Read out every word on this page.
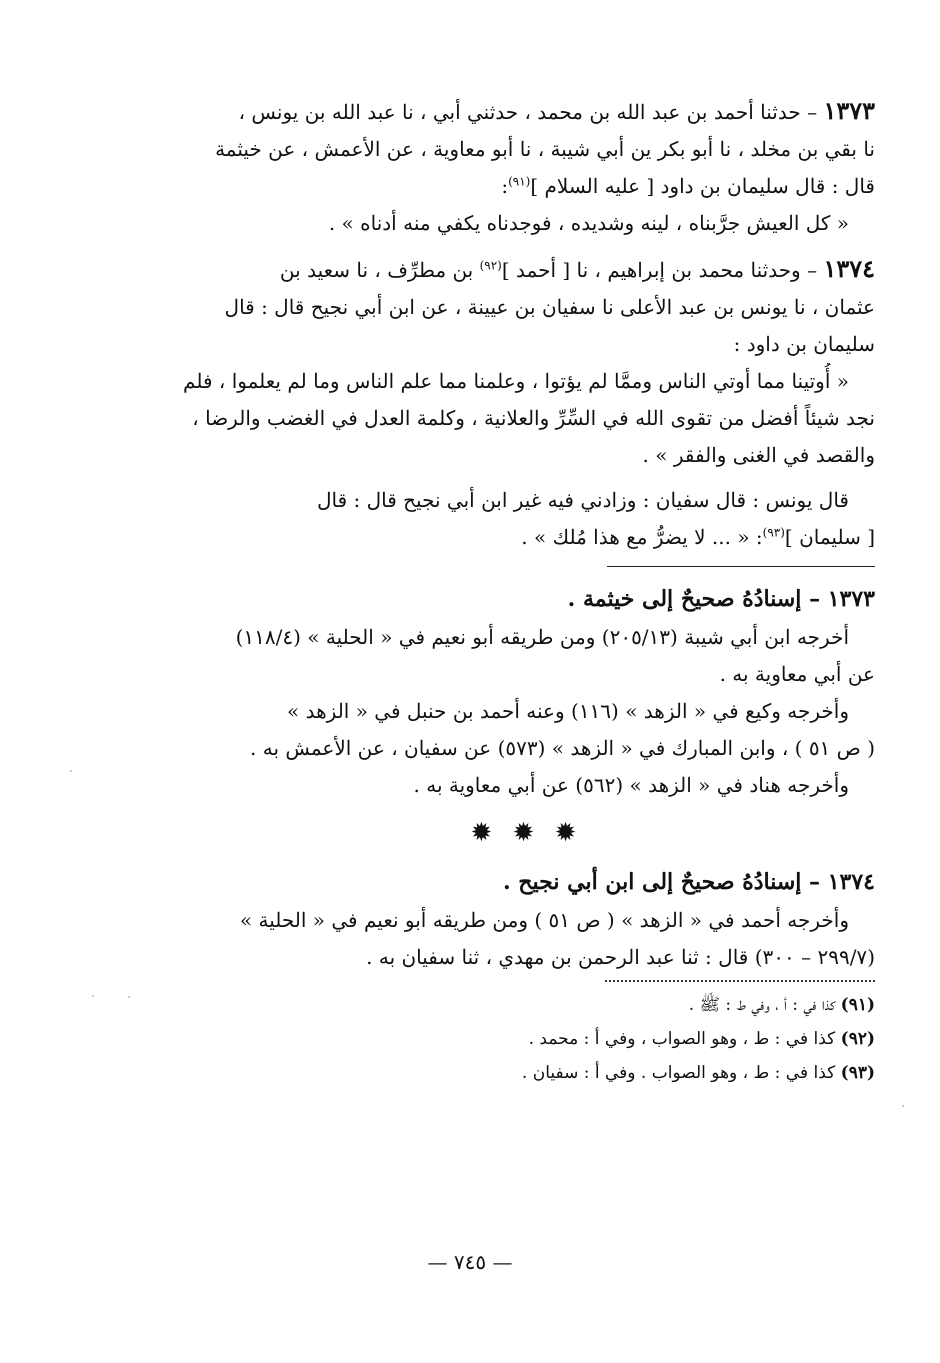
١٣٧٣ – حدثنا أحمد بن عبد الله بن محمد ، حدثني أبي ، نا عبد الله بن يونس ،

نا بقي بن مخلد ، نا أبو بكر ين أبي شيبة ، نا أبو معاوية ، عن الأعمش ، عن خيثمة

قال : قال سليمان بن داود [ عليه السلام ]$^{(٩١)}$:

« كل العيش جرَّبناه ، لينه وشديده ، فوجدناه يكفي منه أدناه » .

١٣٧٤ – وحدثنا محمد بن إبراهيم ، نا [ أحمد ]$^{(٩٢)}$ بن مطرِّف ، نا سعيد بن

عثمان ، نا يونس بن عبد الأعلى نا سفيان بن عيينة ، عن ابن أبي نجيح قال : قال

سليمان بن داود :

« أُوتينا مما أوتي الناس وممَّا لم يؤتوا ، وعلمنا مما علم الناس وما لم يعلموا ، فلم

نجد شيئاً أفضل من تقوى الله في السِّرِّ والعلانية ، وكلمة العدل في الغضب والرضا ،

والقصد في الغنى والفقر » .

قال يونس : قال سفيان : وزادني فيه غير ابن أبي نجيح قال : قال

[ سليمان ]$^{(٩٣)}$: « ... لا يضرُّ مع هذا مُلك » .

١٣٧٣ – إسنادُهُ صحيحٌ إلى خيثمة .

أخرجه ابن أبي شيبة (٢٠٥/١٣) ومن طريقه أبو نعيم في « الحلية » (١١٨/٤)

عن أبي معاوية به .

وأخرجه وكيع في « الزهد » (١١٦) وعنه أحمد بن حنبل في « الزهد »

( ص ٥١ ) ، وابن المبارك في « الزهد » (٥٧٣) عن سفيان ، عن الأعمش به .

وأخرجه هناد في « الزهد » (٥٦٢) عن أبي معاوية به .

✹ ✹ ✹

١٣٧٤ – إسنادُهُ صحيحٌ إلى ابن أبي نجيح .

وأخرجه أحمد في « الزهد » ( ص ٥١ ) ومن طريقه أبو نعيم في « الحلية »

(٢٩٩/٧ – ٣٠٠) قال : ثنا عبد الرحمن بن مهدي ، ثنا سفيان به .

(٩١) كذا في : أ ، وفي ط : ﷺ .

(٩٢) كذا في : ط ، وهو الصواب ، وفي أ : محمد .

(٩٣) كذا في : ط ، وهو الصواب . وفي أ : سفيان .

— ٧٤٥ —
